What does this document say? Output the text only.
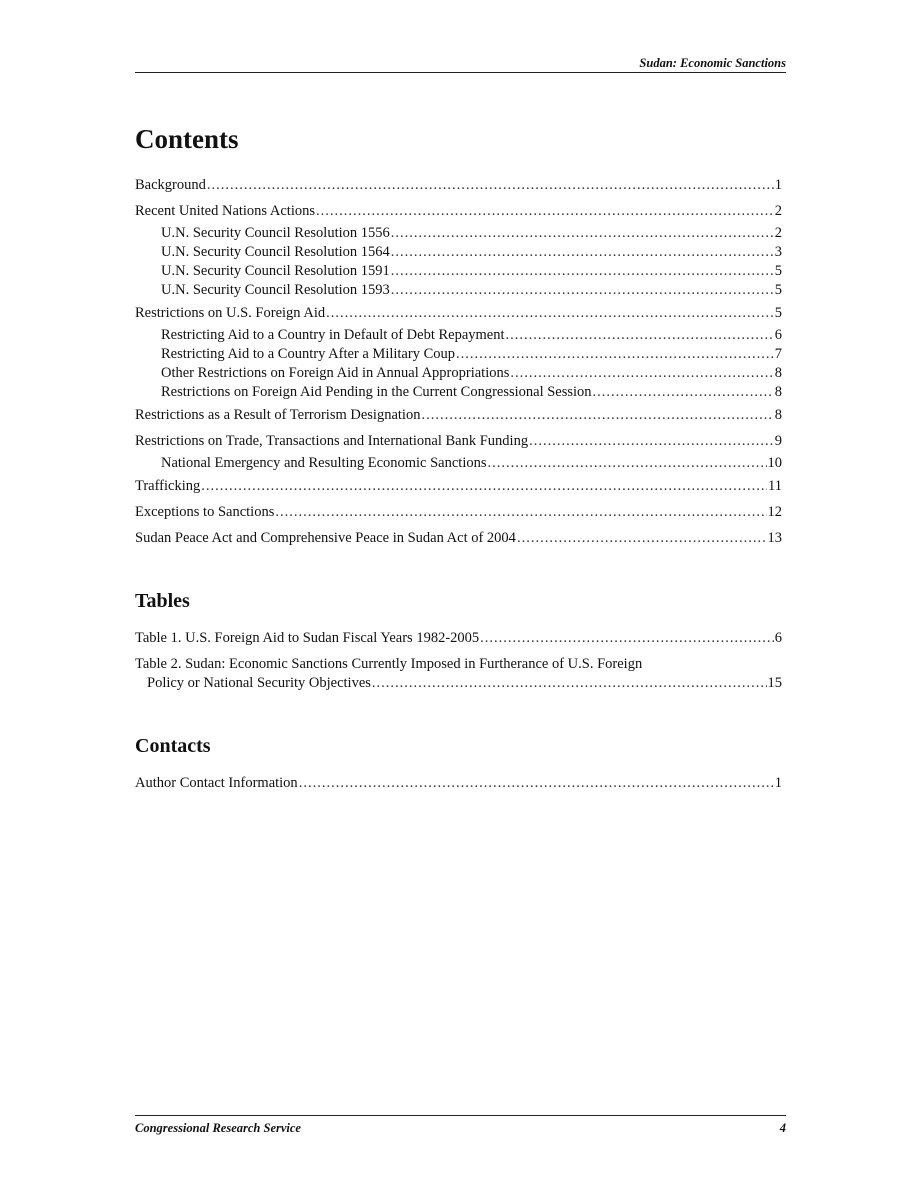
Sudan: Economic Sanctions
Contents
Background .....	1
Recent United Nations Actions .....	2
U.N. Security Council Resolution 1556 .....	2
U.N. Security Council Resolution 1564 .....	3
U.N. Security Council Resolution 1591 .....	5
U.N. Security Council Resolution 1593 .....	5
Restrictions on U.S. Foreign Aid .....	5
Restricting Aid to a Country in Default of Debt Repayment .....	6
Restricting Aid to a Country After a Military Coup .....	7
Other Restrictions on Foreign Aid in Annual Appropriations .....	8
Restrictions on Foreign Aid Pending in the Current Congressional Session .....	8
Restrictions as a Result of Terrorism Designation .....	8
Restrictions on Trade, Transactions and International Bank Funding .....	9
National Emergency and Resulting Economic Sanctions .....	10
Trafficking .....	11
Exceptions to Sanctions .....	12
Sudan Peace Act and Comprehensive Peace in Sudan Act of 2004 .....	13
Tables
Table 1. U.S. Foreign Aid to Sudan Fiscal Years 1982-2005 .....	6
Table 2. Sudan: Economic Sanctions Currently Imposed in Furtherance of U.S. Foreign
Policy or National Security Objectives .....	15
Contacts
Author Contact Information .....	1
Congressional Research Service	4
